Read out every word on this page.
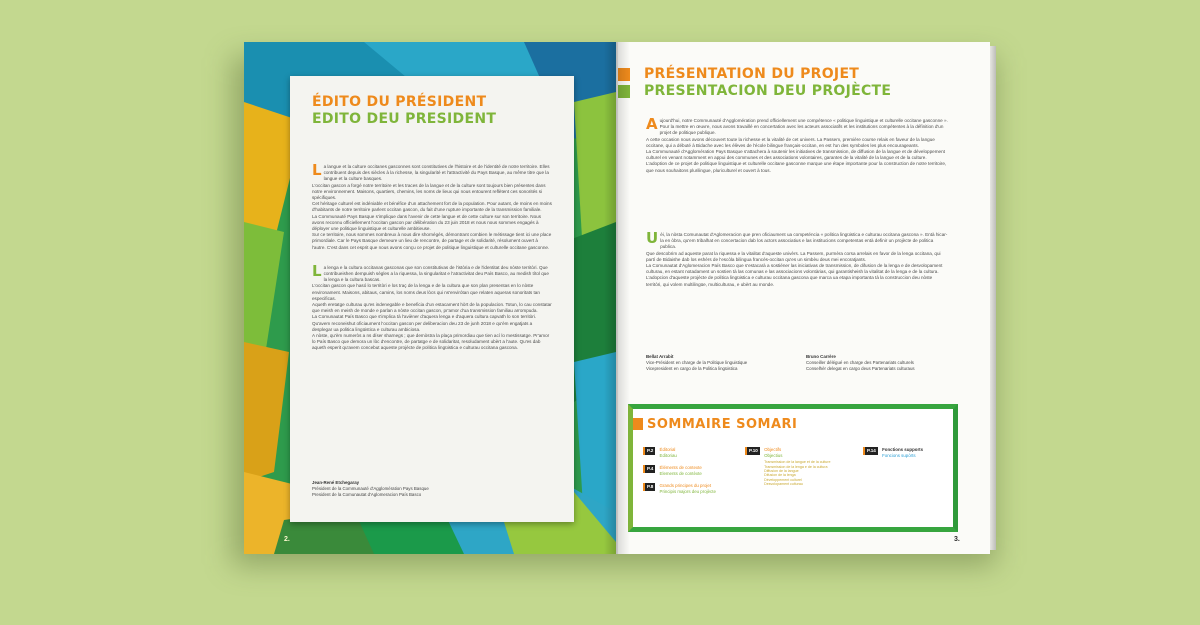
ÉDITO DU PRÉSIDENT
EDITO DEU PRESIDENT

La langue et la culture occitanes gasconnes sont constitutives de l'histoire et de l'identité de notre territoire. Elles contribuent depuis des siècles à la richesse, la singularité et l'attractivité du Pays Basque, au même titre que la langue et la culture basques.

L'occitan gascon a forgé notre territoire et les traces de la langue et de la culture sont toujours bien présentes dans notre environnement. Maisons, quartiers, chemins, les noms de lieux qui nous entourent reflètent ces sonorités si spécifiques.

Cet héritage culturel est indéniable et bénéfice d'un attachement fort de la population. Pour autant, de moins en moins d'habitants de notre territoire parlent occitan gascon, du fait d'une rupture importante de la transmission familiale.

La Communauté Pays Basque s'implique dans l'avenir de cette langue et de cette culture sur son territoire. Nous avons reconnu officiellement l'occitan gascon par délibération du 23 juin 2018 et nous nous sommes engagés à déployer une politique linguistique et culturelle ambitieuse.

Sur ce territoire, nous sommes nombreux à nous dire shornégés, démontrant combien le métissage tient ici une place primordiale. Car le Pays Basque demeure un lieu de rencontre, de partage et de solidarité, résolument ouvert à l'autre. C'est dans cet esprit que nous avons conçu ce projet de politique linguistique et culturelle occitane gasconne.

La lenga e la cultura occitanas gasconas que son constitutivas de l'istòria e de l'identitat deu nòste territòri. Que contribueishen dempuish sègles a la riquessa, la singularitat e l'atractivitat deu País Basco, au medish títol que la lenga e la cultura bascas.

L'occitan gascon que hasó lo territòri e los traç de la lenga e de la cultura que son plan presentas en lo nòste environament. Maisons, abitaus, camins, los noms deus lòcs qui ns'envirótan que relaten aqueras sonoritats tan especificas.

Aqueth eretatge culturau qu'es indenegable e beneficia d'un estacament hòrt de la populacion. Totun, lo cau constatar que meish en meish de monde e parlan a nòste occitan gascon, pr'amor d'ua transmission familiau arrompuda.

La Comunautat País Basco que s'implica tà l'avièner d'aquera lenga e d'aquera cultura capvath lo son territòri. Qu'avem reconeishut oficiaument l'occitan gascon per deliberacion deu 23 de junh 2018 e qu'èm engatjats a desplegar ua politica lingüistica e culturau ambiciosa.

A nòste, qu'èm numeròs a ns díser sharnegs ; que demòstra la plaça primordiau que tien ací lo mestissatge. Pr'amor lo País Basco que demora un lòc d'encontre, de partatge e de solidaritat, resoludament ubèrt a l'aute. Qu'es dab aqueth esperit qu'avem concebut aqueste projècte de politica lingüistica e culturau occitana gascona.

Jean-René Etchegaray

Président de la Communauté d'Agglomération Pays Basque

President de la Comunautat d'Aglomeracion País Basco

2.
PRÉSENTATION DU PROJET
PRESENTACION DEU PROJÈCTE

Aujourd'hui, notre Communauté d'Agglomération prend officiellement une compétence « politique linguistique et culturelle occitane gasconne ». Pour la mettre en œuvre, nous avons travaillé en concertation avec les acteurs associatifs et les institutions compétentes à la définition d'un projet de politique publique.

A cette occasion nous avons découvert toute la richesse et la vitalité de cet univers. La Passem, première course relais en faveur de la langue occitane, qui a débuté à Bidache avec les élèves de l'école bilingue français-occitan, en est l'un des symboles les plus encourageants.

La Communauté d'Agglomération Pays Basque s'attachera à soutenir les initiatives de transmission, de diffusion de la langue et de développement culturel en venant notamment en appui des communes et des associations volontaires, garantes de la vitalité de la langue et de la culture.

L'adoption de ce projet de politique linguistique et culturelle occitane gasconne marque une étape importante pour la construction de notre territoire, que nous souhaitons plurilingue, pluriculturel et ouvert à tous.

Uèi, la nòsta Comunautat d'Aglomeracion que pren oficiaument ua competéncia « politica lingüistica e culturau occitana gascona ». Entà hicar-la en òbra, qu'em tribalhat en concertacion dab los actors associatius e las institucions competentas entà definir un projècte de politica publica.

Que descobrim ad aqueste parat la riquessa e la vitalitat d'aqueste univèrs. La Passem, purmèra corsa arrelais en favor de la lenga occitana, qui partí de Bidaishe dab los eshèrs de l'escòla bilingua francés-occitan qu'es un simbèu deus mei encoratjants.

La Comunautat d'Aglomeracion País Basco que s'estacarà a sostiéner las iniciativas de transmission, de difusion de la lenga e de desvolopament culturau, en estant notadament un sostien tà las comunas e las associacions volontàrias, qui garantisheish la vitalitat de la lenga e de la cultura.

L'adopcion d'aqueste projècte de politica lingüistica e culturau occitana gascona que marca ua etapa importanta tà la construccion deu nòste territòri, qui volem multilingüe, multiculturau, e ubèrt au monde.

Bellat Arrabit

Vice-Président en charge de la Politique linguistique

Vicepresident en cargo de la Politica lingüistica

Bruno Carrère

Conseiller délégué en charge des Partenariats culturels

Conselhèr delegat en cargo deus Partenariats culturaus

SOMMAIRE SOMARI
P.2 Éditorial
Editoriau
P.4 Éléments de contexte
Elements de contèxte
P.8 Grands principes du projet
Principis majors deu projècte
P.10 Objectifs
Objectius
Transmission de la langue et de la culture
Transmission de la lenga e de la cultura
Diffusion de la langue
Difusion de la lenga
Développement culturel
Desvolopament culturau
P.14 Fonctions supports
Foncions supòrts
3.
